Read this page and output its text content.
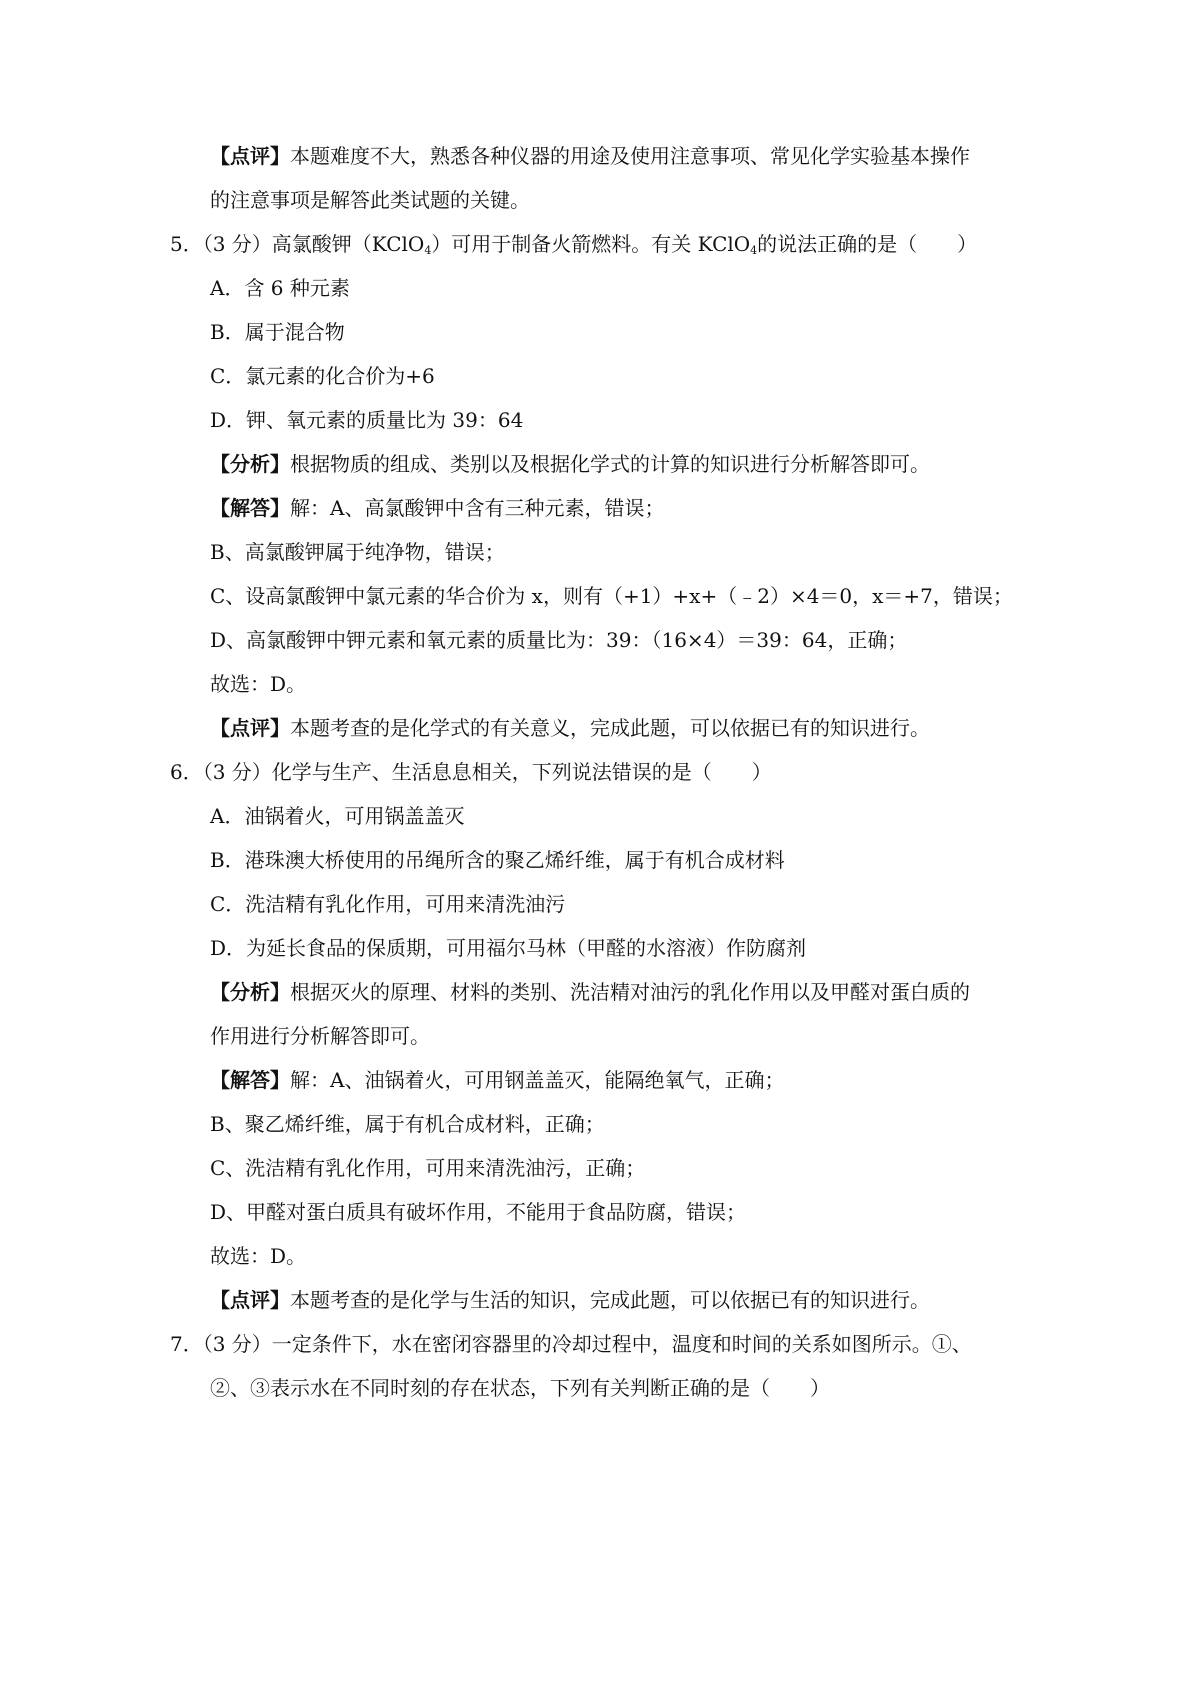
【点评】本题难度不大，熟悉各种仪器的用途及使用注意事项、常见化学实验基本操作
的注意事项是解答此类试题的关键。
5．（3 分）高氯酸钾（KClO$_4$）可用于制备火箭燃料。有关 KClO$_4$的说法正确的是（　　）
A．含 6 种元素
B．属于混合物
C．氯元素的化合价为+6
D．钾、氧元素的质量比为 39：64
【分析】根据物质的组成、类别以及根据化学式的计算的知识进行分析解答即可。
【解答】解：A、高氯酸钾中含有三种元素，错误；
B、高氯酸钾属于纯净物，错误；
C、设高氯酸钾中氯元素的华合价为 x，则有（+1）+x+（﹣2）×4＝0，x＝+7，错误；
D、高氯酸钾中钾元素和氧元素的质量比为：39：（16×4）＝39：64，正确；
故选：D。
【点评】本题考查的是化学式的有关意义，完成此题，可以依据已有的知识进行。
6．（3 分）化学与生产、生活息息相关，下列说法错误的是（　　）
A．油锅着火，可用锅盖盖灭
B．港珠澳大桥使用的吊绳所含的聚乙烯纤维，属于有机合成材料
C．洗洁精有乳化作用，可用来清洗油污
D．为延长食品的保质期，可用福尔马林（甲醛的水溶液）作防腐剂
【分析】根据灭火的原理、材料的类别、洗洁精对油污的乳化作用以及甲醛对蛋白质的
作用进行分析解答即可。
【解答】解：A、油锅着火，可用钢盖盖灭，能隔绝氧气，正确；
B、聚乙烯纤维，属于有机合成材料，正确；
C、洗洁精有乳化作用，可用来清洗油污，正确；
D、甲醛对蛋白质具有破坏作用，不能用于食品防腐，错误；
故选：D。
【点评】本题考查的是化学与生活的知识，完成此题，可以依据已有的知识进行。
7．（3 分）一定条件下，水在密闭容器里的冷却过程中，温度和时间的关系如图所示。①、
②、③表示水在不同时刻的存在状态，下列有关判断正确的是（　　）
